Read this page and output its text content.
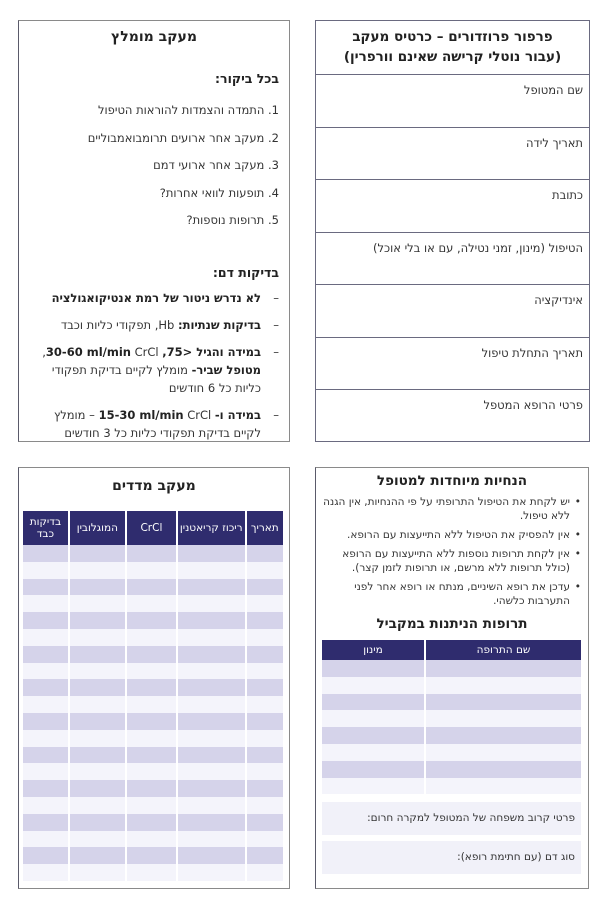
פרפור פרוזדורים – כרטיס מעקב
(עבור נוטלי קרישה שאינם וורפרין)
שם המטופל
תאריך לידה
כתובת
הטיפול (מינון, זמני נטילה, עם או בלי אוכל)
אינדיקציה
תאריך התחלת טיפול
פרטי הרופא המטפל
מעקב מומלץ
בכל ביקור:
1. התמדה והצמדות להוראות הטיפול
2. מעקב אחר ארועים תרומבואמבוליים
3. מעקב אחר ארועי דמם
4. תופעות לוואי אחרות?
5. תרופות נוספות?
בדיקות דם:
– לא נדרש ניטור של רמת אנטיקואגולציה
– בדיקות שנתיות: Hb, תפקודי כליות וכבד
– במידה והגיל <75, CrCl 30-60 ml/min, מטופל שביר- מומלץ לקיים בדיקת תפקודי כליות כל 6 חודשים
– במידה ו- CrCl 15-30 ml/min – מומלץ לקיים בדיקת תפקודי כליות כל 3 חודשים
מעקב מדדים
תאריך	ריכוז קריאטנין	CrCl	המוגלובין	בדיקות כבד

הנחיות מיוחדות למטופל
• יש לקחת את הטיפול התרופתי על פי ההנחיות, אין הגנה ללא טיפול.
• אין להפסיק את הטיפול ללא התייעצות עם הרופא.
• אין לקחת תרופות נוספות ללא התייעצות עם הרופא (כולל תרופות ללא מרשם, או תרופות לזמן קצר).
• עדכן את רופא השיניים, מנתח או רופא אחר לפני התערבות כלשהי.
תרופות הניתנות במקביל
שם התרופה	מינון

פרטי קרוב משפחה של המטופל למקרה חרום:
סוג דם (עם חתימת רופא):
